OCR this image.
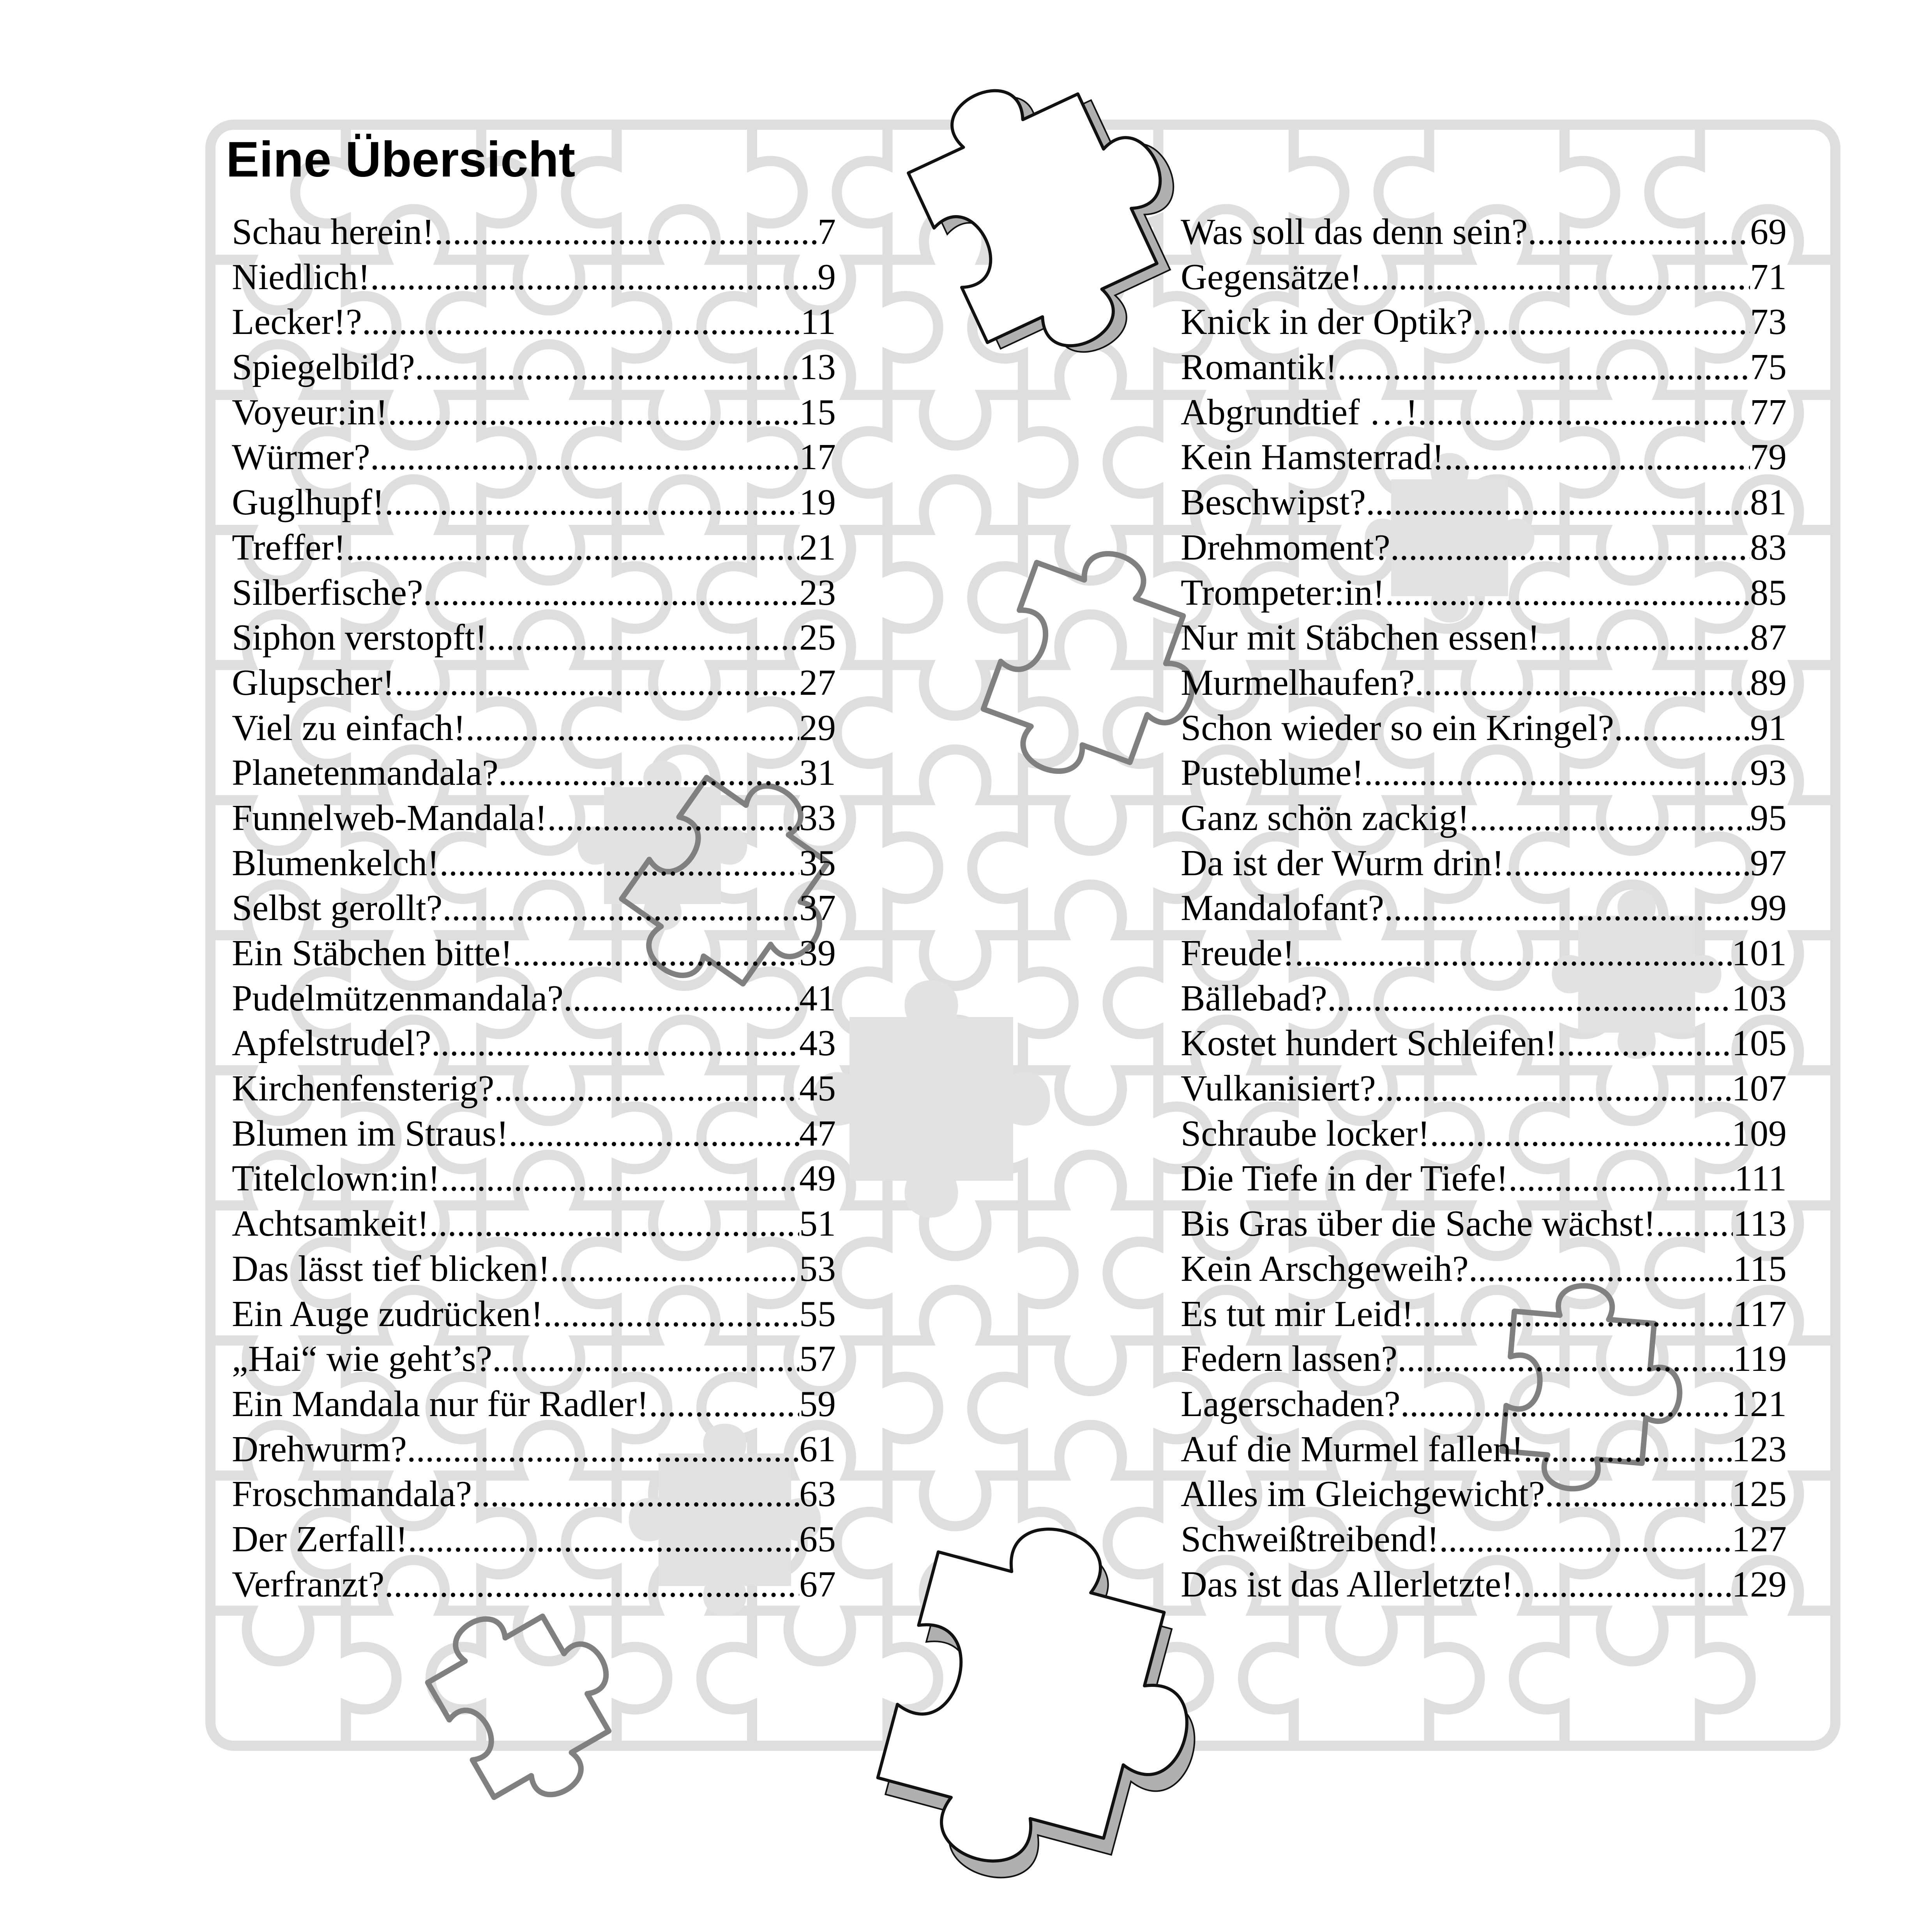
Eine Übersicht
Schau herein! .....	7
Niedlich! .....	9
Lecker!? .....	11
Spiegelbild? .....	13
Voyeur:in! .....	15
Würmer? .....	17
Guglhupf! .....	19
Treffer! .....	21
Silberfische? .....	23
Siphon verstopft! .....	25
Glupscher! .....	27
Viel zu einfach! .....	29
Planetenmandala? .....	31
Funnelweb-Mandala! .....	33
Blumenkelch! .....	35
Selbst gerollt? .....	37
Ein Stäbchen bitte! .....	39
Pudelmützenmandala? .....	41
Apfelstrudel? .....	43
Kirchenfensterig? .....	45
Blumen im Straus! .....	47
Titelclown:in! .....	49
Achtsamkeit! .....	51
Das lässt tief blicken! .....	53
Ein Auge zudrücken! .....	55
„Hai“ wie geht’s? .....	57
Ein Mandala nur für Radler! .....	59
Drehwurm? .....	61
Froschmandala? .....	63
Der Zerfall! .....	65
Verfranzt? .....	67
Was soll das denn sein? .....	69
Gegensätze! .....	71
Knick in der Optik? .....	73
Romantik! .....	75
Abgrundtief …! .....	77
Kein Hamsterrad! .....	79
Beschwipst? .....	81
Drehmoment? .....	83
Trompeter:in! .....	85
Nur mit Stäbchen essen! .....	87
Murmelhaufen? .....	89
Schon wieder so ein Kringel? .....	91
Pusteblume! .....	93
Ganz schön zackig! .....	95
Da ist der Wurm drin! .....	97
Mandalofant? .....	99
Freude! .....	101
Bällebad? .....	103
Kostet hundert Schleifen! .....	105
Vulkanisiert? .....	107
Schraube locker! .....	109
Die Tiefe in der Tiefe! .....	111
Bis Gras über die Sache wächst! ..... 113
Kein Arschgeweih? .....	115
Es tut mir Leid! .....	117
Federn lassen? .....	119
Lagerschaden? .....	121
Auf die Murmel fallen! .....	123
Alles im Gleichgewicht? .....	125
Schweißtreibend! .....	127
Das ist das Allerletzte! .....	129
